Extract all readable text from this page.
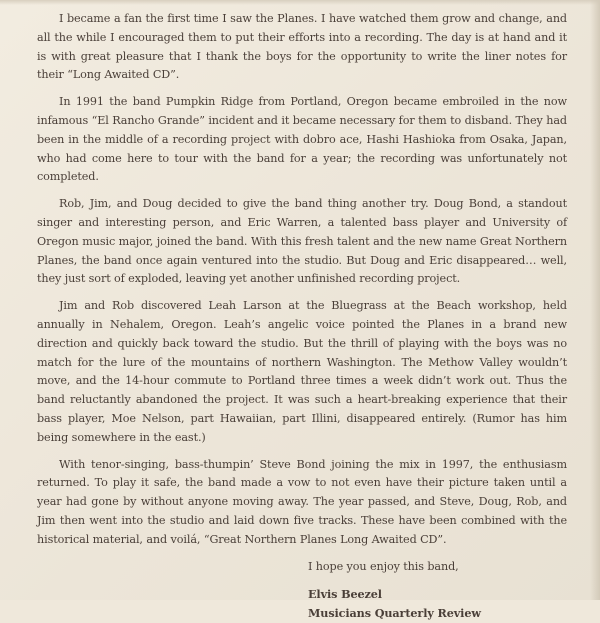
I became a fan the first time I saw the Planes. I have watched them grow and change, and all the while I encouraged them to put their efforts into a recording. The day is at hand and it is with great pleasure that I thank the boys for the opportunity to write the liner notes for their “Long Awaited CD”.

In 1991 the band Pumpkin Ridge from Portland, Oregon became embroiled in the now infamous “El Rancho Grande” incident and it became necessary for them to disband. They had been in the middle of a recording project with dobro ace, Hashi Hashioka from Osaka, Japan, who had come here to tour with the band for a year; the recording was unfortunately not completed.

Rob, Jim, and Doug decided to give the band thing another try. Doug Bond, a standout singer and interesting person, and Eric Warren, a talented bass player and University of Oregon music major, joined the band. With this fresh talent and the new name Great Northern Planes, the band once again ventured into the studio. But Doug and Eric disappeared… well, they just sort of exploded, leaving yet another unfinished recording project.

Jim and Rob discovered Leah Larson at the Bluegrass at the Beach workshop, held annually in Nehalem, Oregon. Leah’s angelic voice pointed the Planes in a brand new direction and quickly back toward the studio. But the thrill of playing with the boys was no match for the lure of the mountains of northern Washington. The Methow Valley wouldn’t move, and the 14-hour commute to Portland three times a week didn’t work out. Thus the band reluctantly abandoned the project. It was such a heart-breaking experience that their bass player, Moe Nelson, part Hawaiian, part Illini, disappeared entirely. (Rumor has him being somewhere in the east.)

With tenor-singing, bass-thumpin’ Steve Bond joining the mix in 1997, the enthusiasm returned. To play it safe, the band made a vow to not even have their picture taken until a year had gone by without anyone moving away. The year passed, and Steve, Doug, Rob, and Jim then went into the studio and laid down five tracks. These have been combined with the historical material, and voilá, “Great Northern Planes Long Awaited CD”.

I hope you enjoy this band,
Elvis Beezel
Musicians Quarterly Review
